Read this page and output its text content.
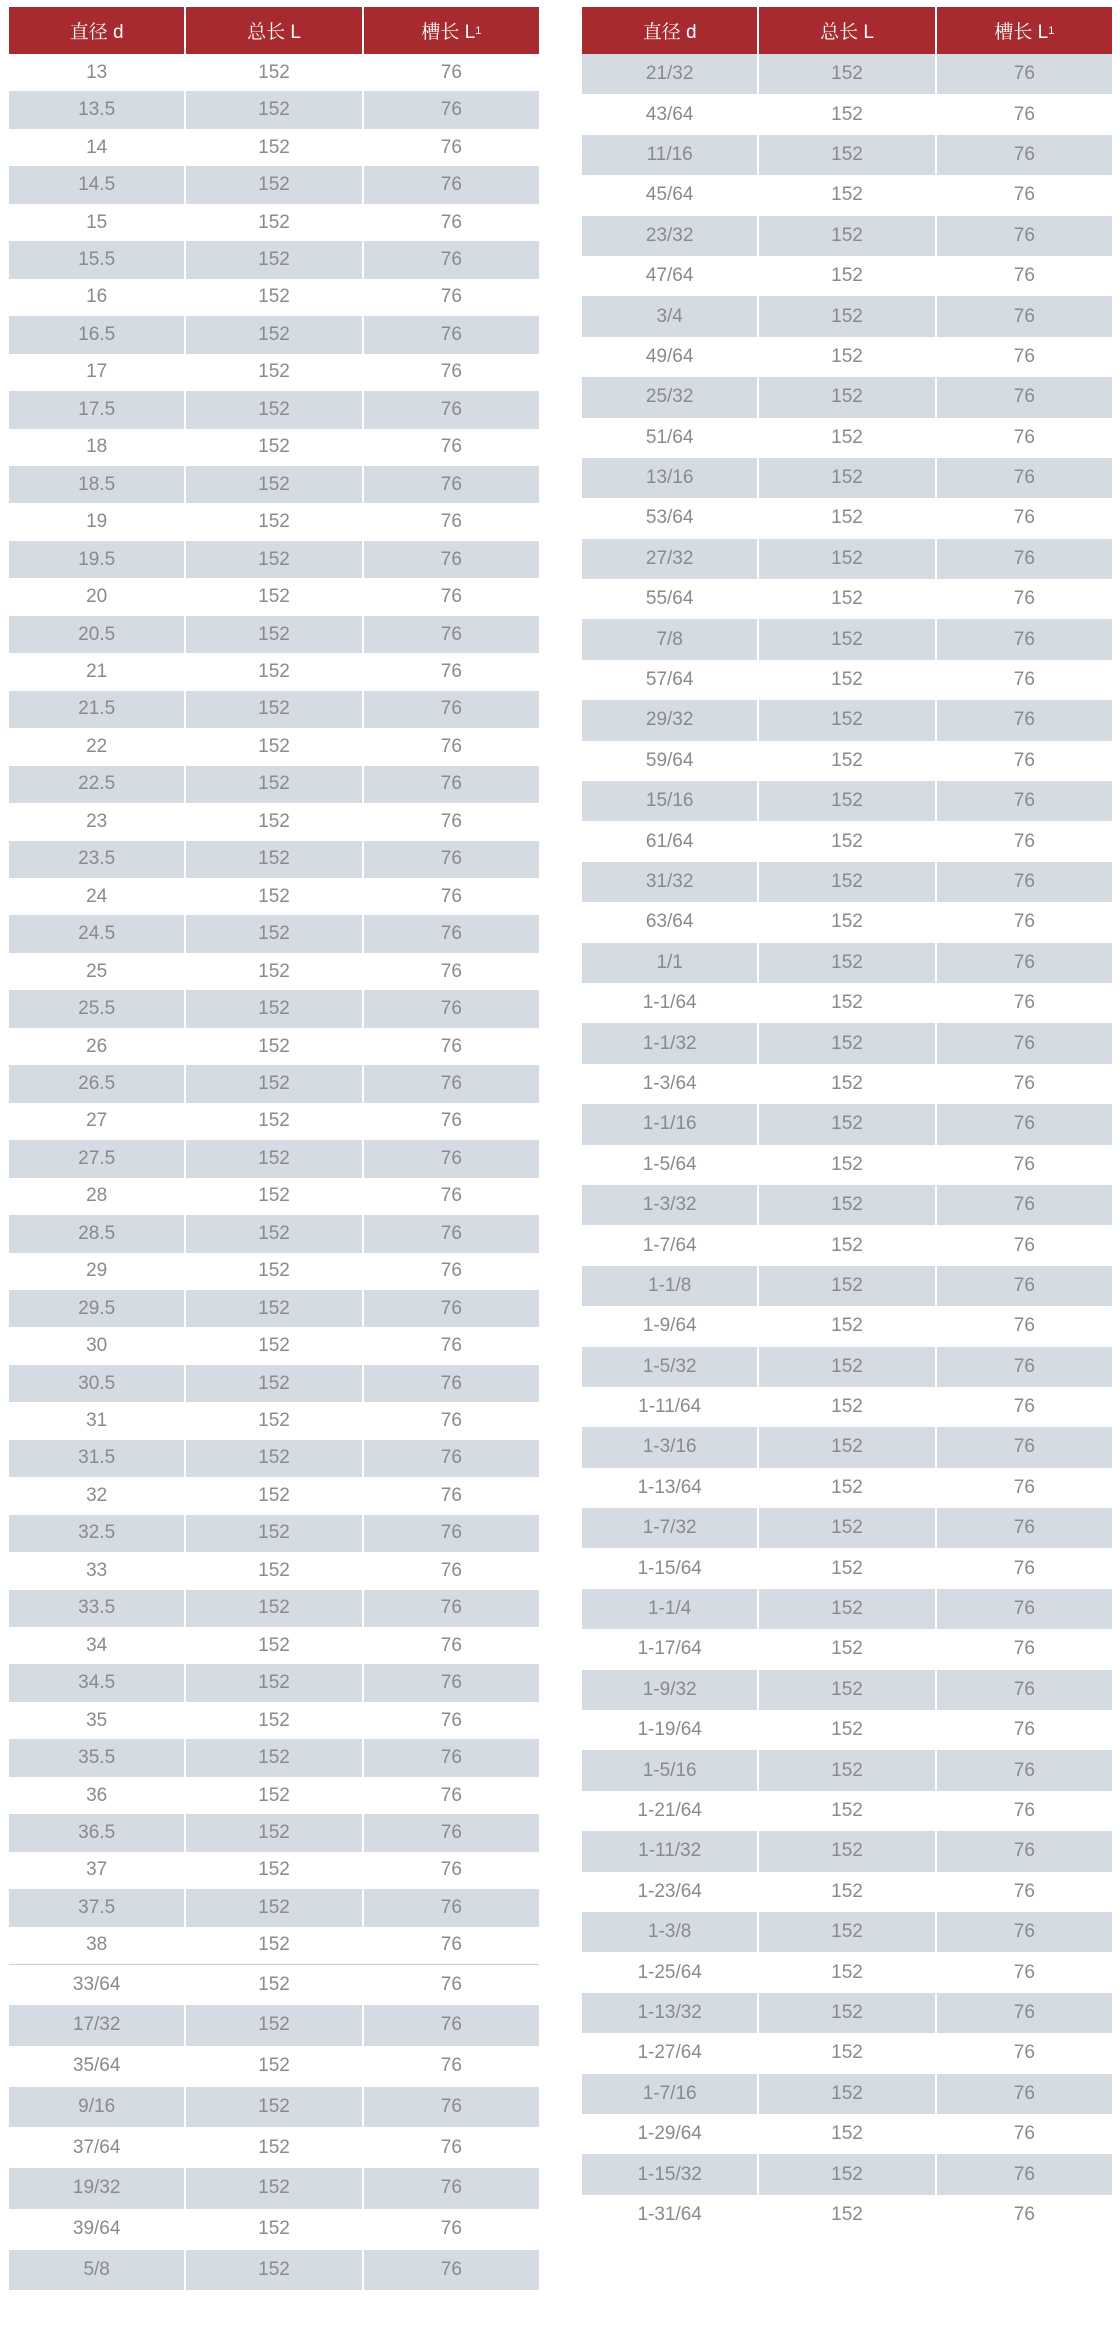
直径 d	总长 L	槽长 L 1
13	152	76
13.5	152	76
14	152	76
14.5	152	76
15	152	76
15.5	152	76
16	152	76
16.5	152	76
17	152	76
17.5	152	76
18	152	76
18.5	152	76
19	152	76
19.5	152	76
20	152	76
20.5	152	76
21	152	76
21.5	152	76
22	152	76
22.5	152	76
23	152	76
23.5	152	76
24	152	76
24.5	152	76
25	152	76
25.5	152	76
26	152	76
26.5	152	76
27	152	76
27.5	152	76
28	152	76
28.5	152	76
29	152	76
29.5	152	76
30	152	76
30.5	152	76
31	152	76
31.5	152	76
32	152	76
32.5	152	76
33	152	76
33.5	152	76
34	152	76
34.5	152	76
35	152	76
35.5	152	76
36	152	76
36.5	152	76
37	152	76
37.5	152	76
38	152	76
33/64	152	76
17/32	152	76
35/64	152	76
9/16	152	76
37/64	152	76
19/32	152	76
39/64	152	76
5/8	152	76
直径 d	总长 L	槽长 L 1
21/32	152	76
43/64	152	76
11/16	152	76
45/64	152	76
23/32	152	76
47/64	152	76
3/4	152	76
49/64	152	76
25/32	152	76
51/64	152	76
13/16	152	76
53/64	152	76
27/32	152	76
55/64	152	76
7/8	152	76
57/64	152	76
29/32	152	76
59/64	152	76
15/16	152	76
61/64	152	76
31/32	152	76
63/64	152	76
1/1	152	76
1-1/64	152	76
1-1/32	152	76
1-3/64	152	76
1-1/16	152	76
1-5/64	152	76
1-3/32	152	76
1-7/64	152	76
1-1/8	152	76
1-9/64	152	76
1-5/32	152	76
1-11/64	152	76
1-3/16	152	76
1-13/64	152	76
1-7/32	152	76
1-15/64	152	76
1-1/4	152	76
1-17/64	152	76
1-9/32	152	76
1-19/64	152	76
1-5/16	152	76
1-21/64	152	76
1-11/32	152	76
1-23/64	152	76
1-3/8	152	76
1-25/64	152	76
1-13/32	152	76
1-27/64	152	76
1-7/16	152	76
1-29/64	152	76
1-15/32	152	76
1-31/64	152	76
